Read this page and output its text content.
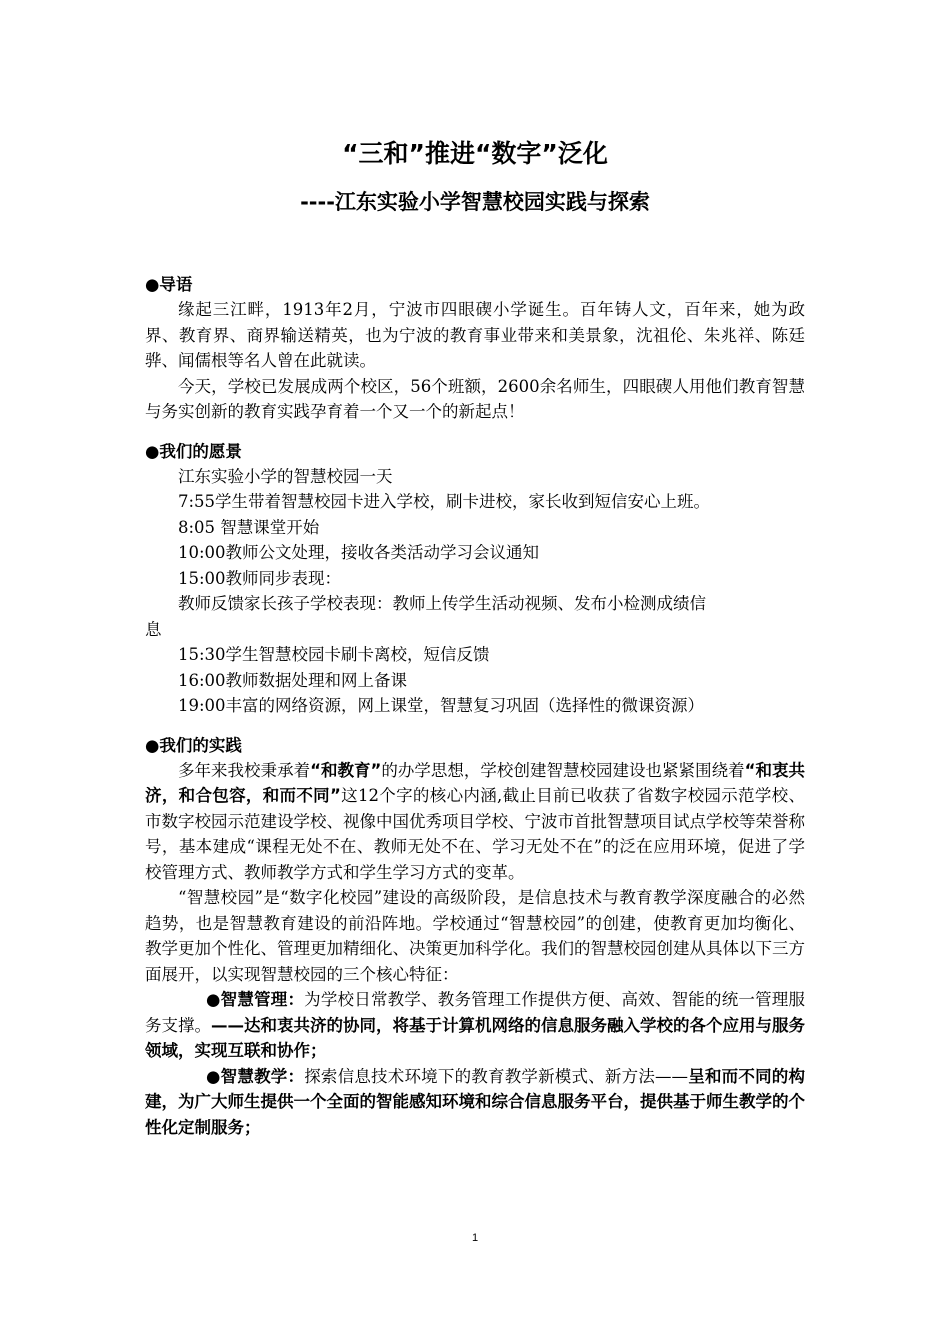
“三和”推进“数字”泛化
----江东实验小学智慧校园实践与探索
●导语

缘起三江畔，1913年2月，宁波市四眼碶小学诞生。百年铸人文，百年来，她为政界、教育界、商界输送精英，也为宁波的教育事业带来和美景象，沈祖伦、朱兆祥、陈廷骅、闻儒根等名人曾在此就读。

今天，学校已发展成两个校区，56个班额，2600余名师生，四眼碶人用他们教育智慧与务实创新的教育实践孕育着一个又一个的新起点！

●我们的愿景
江东实验小学的智慧校园一天
7:55学生带着智慧校园卡进入学校，刷卡进校，家长收到短信安心上班。
8:05 智慧课堂开始
10:00教师公文处理，接收各类活动学习会议通知
15:00教师同步表现：
教师反馈家长孩子学校表现：教师上传学生活动视频、发布小检测成绩信
息
15:30学生智慧校园卡刷卡离校，短信反馈
16:00教师数据处理和网上备课
19:00丰富的网络资源，网上课堂，智慧复习巩固（选择性的微课资源）
●我们的实践

多年来我校秉承着“和教育”的办学思想，学校创建智慧校园建设也紧紧围绕着“和衷共济，和合包容，和而不同”这12个字的核心内涵,截止目前已收获了省数字校园示范学校、市数字校园示范建设学校、视像中国优秀项目学校、宁波市首批智慧项目试点学校等荣誉称号，基本建成“课程无处不在、教师无处不在、学习无处不在”的泛在应用环境，促进了学校管理方式、教师教学方式和学生学习方式的变革。

“智慧校园”是“数字化校园”建设的高级阶段，是信息技术与教育教学深度融合的必然趋势，也是智慧教育建设的前沿阵地。学校通过“智慧校园”的创建，使教育更加均衡化、教学更加个性化、管理更加精细化、决策更加科学化。我们的智慧校园创建从具体以下三方面展开，以实现智慧校园的三个核心特征：

●智慧管理：为学校日常教学、教务管理工作提供方便、高效、智能的统一管理服务支撑。——达和衷共济的协同，将基于计算机网络的信息服务融入学校的各个应用与服务领域，实现互联和协作；

●智慧教学：探索信息技术环境下的教育教学新模式、新方法——呈和而不同的构建，为广大师生提供一个全面的智能感知环境和综合信息服务平台，提供基于师生教学的个性化定制服务；

1
